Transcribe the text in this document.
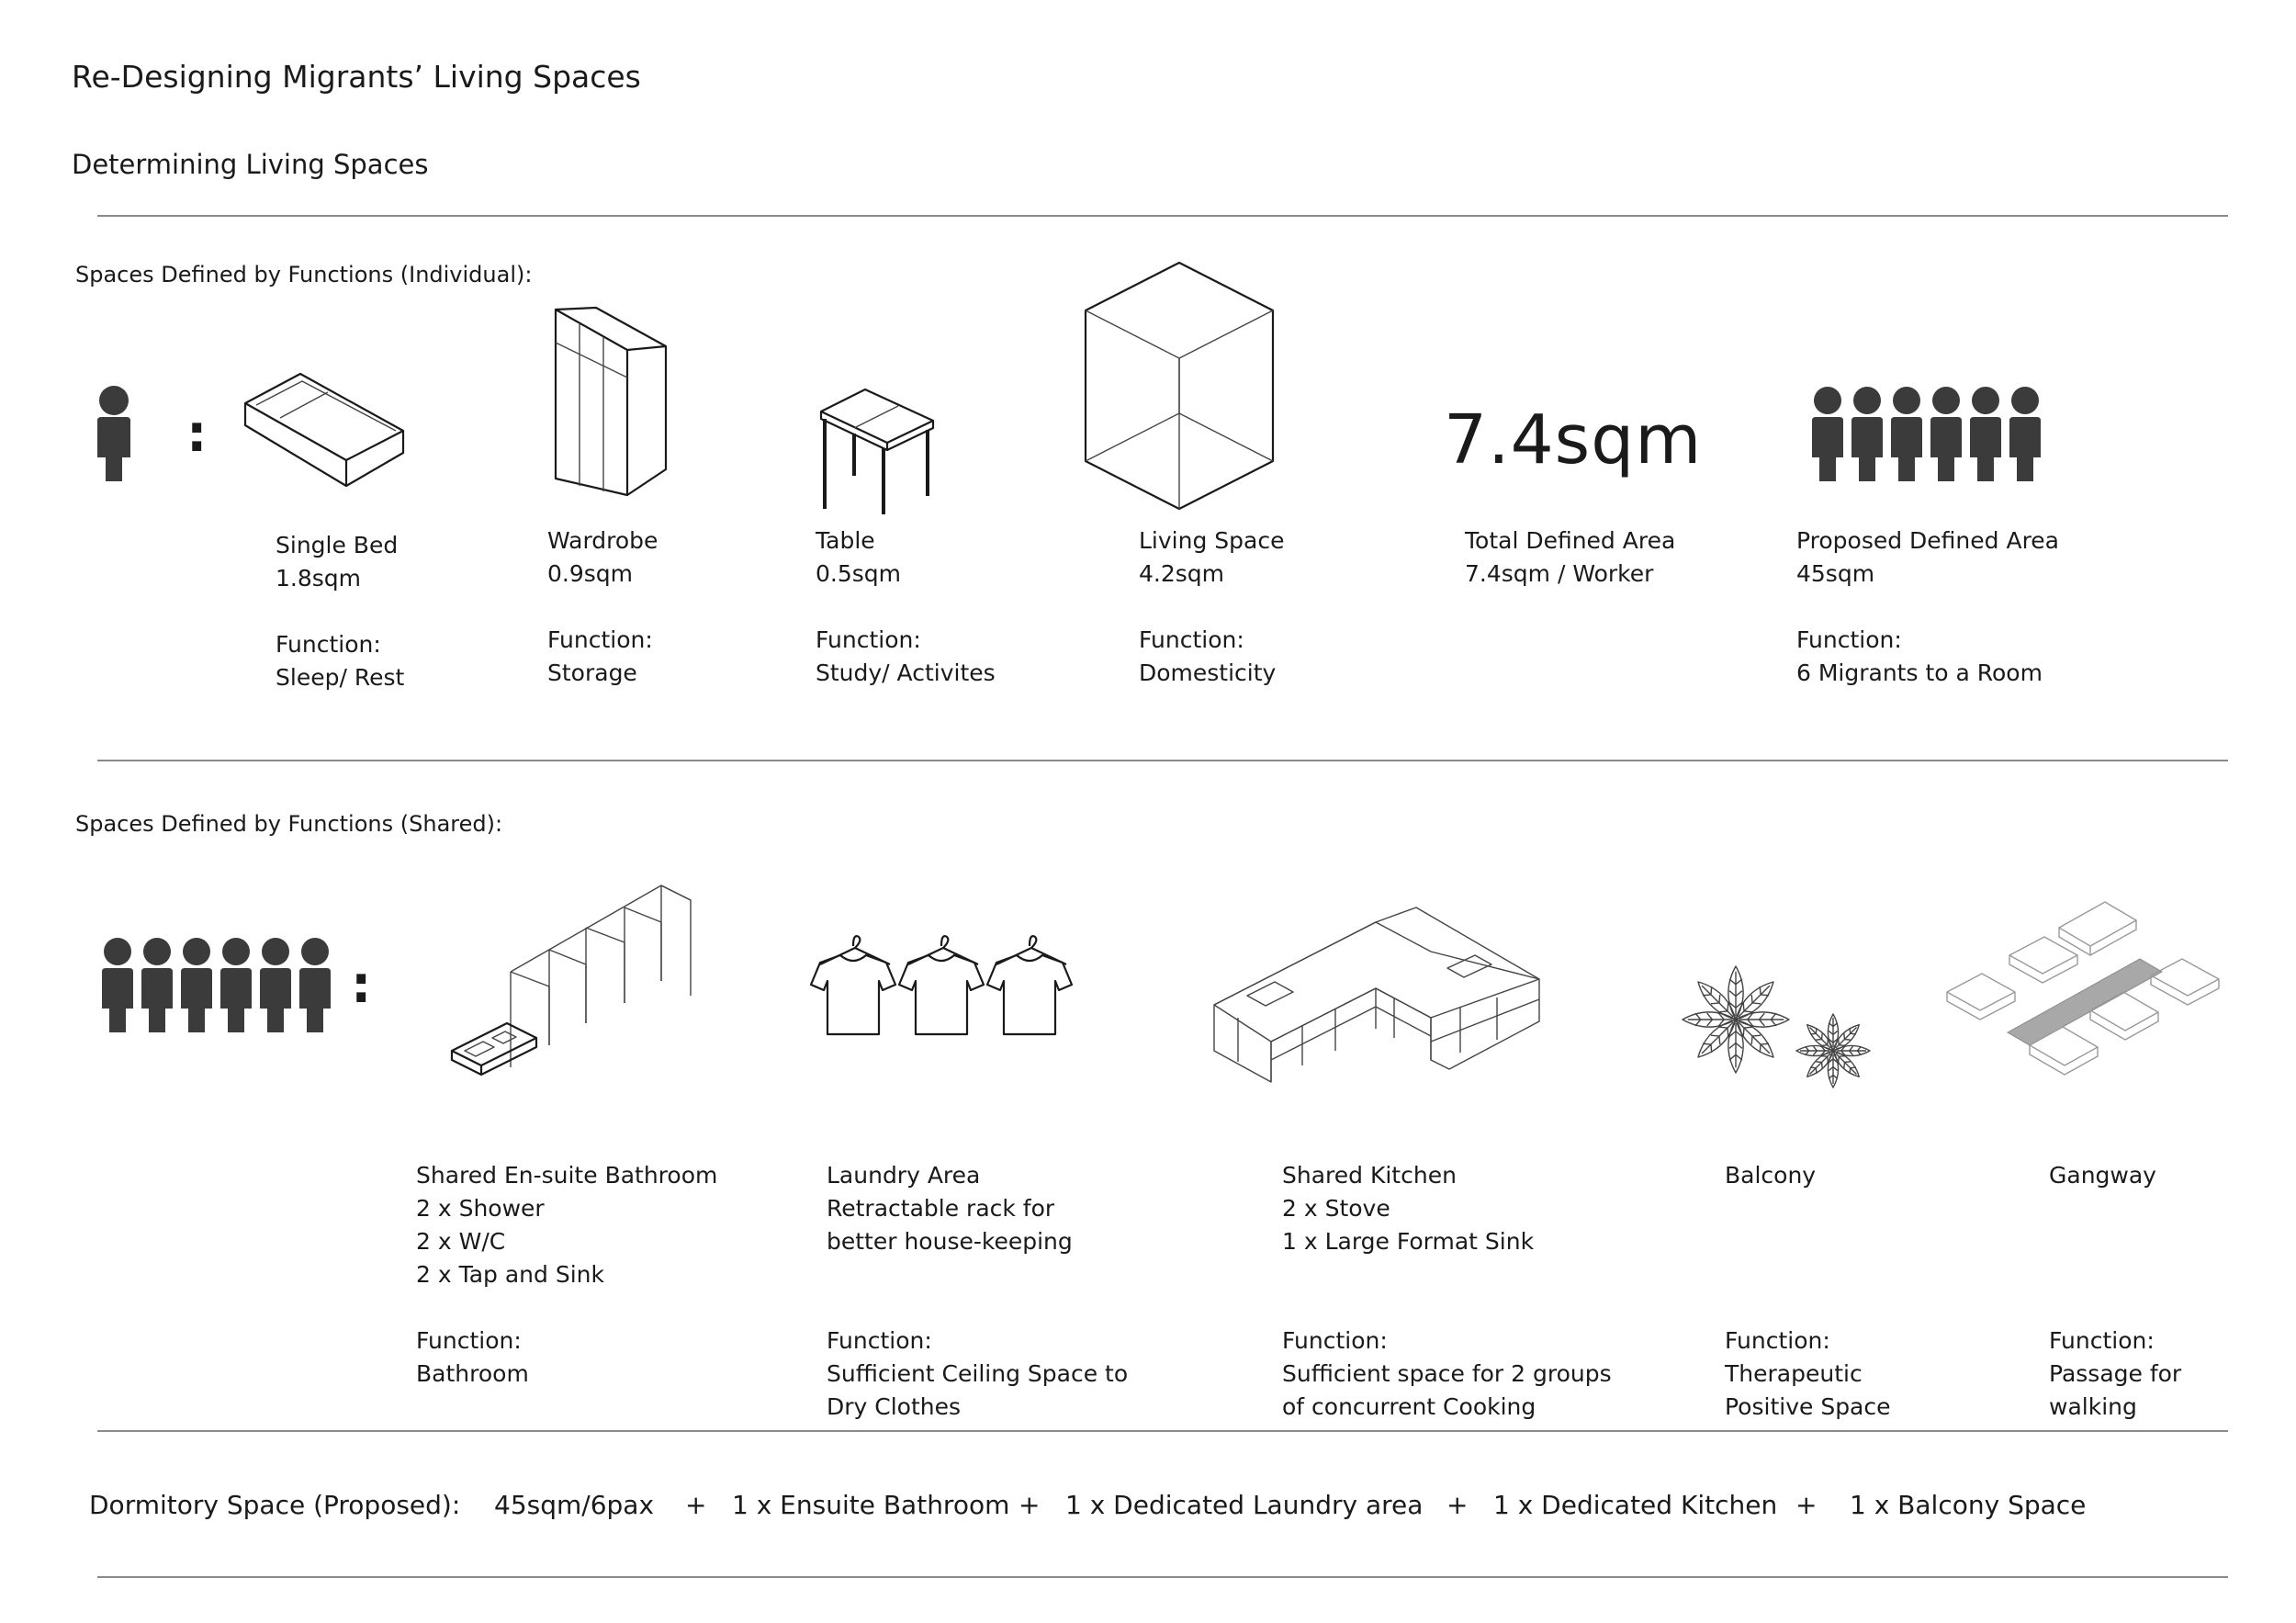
Re-Designing Migrants’ Living Spaces
Determining Living Spaces
Spaces Defined by Functions (Individual):
:	7.4sqm
Single Bed
1.8sqm
Function:
Sleep/ Rest
Wardrobe
0.9sqm
Function:
Storage
Table
0.5sqm
Function:
Study/ Activites
Living Space
4.2sqm
Function:
Domesticity
Total Defined Area
7.4sqm / Worker
Proposed Defined Area
45sqm
Function:
6 Migrants to a Room
Spaces Defined by Functions (Shared):
:
Shared En-suite Bathroom
2 x Shower
2 x W/C
2 x Tap and Sink
Function:
Bathroom
Laundry Area
Retractable rack for
better house-keeping
Function:
Sufficient Ceiling Space to
Dry Clothes
Shared Kitchen
2 x Stove
1 x Large Format Sink
Function:
Sufficient space for 2 groups
of concurrent Cooking
Balcony
Function:
Therapeutic
Positive Space
Gangway
Function:
Passage for
walking
Dormitory Space (Proposed): 45sqm/6pax + 1 x Ensuite Bathroom + 1 x Dedicated Laundry area + 1 x Dedicated Kitchen + 1 x Balcony Space
